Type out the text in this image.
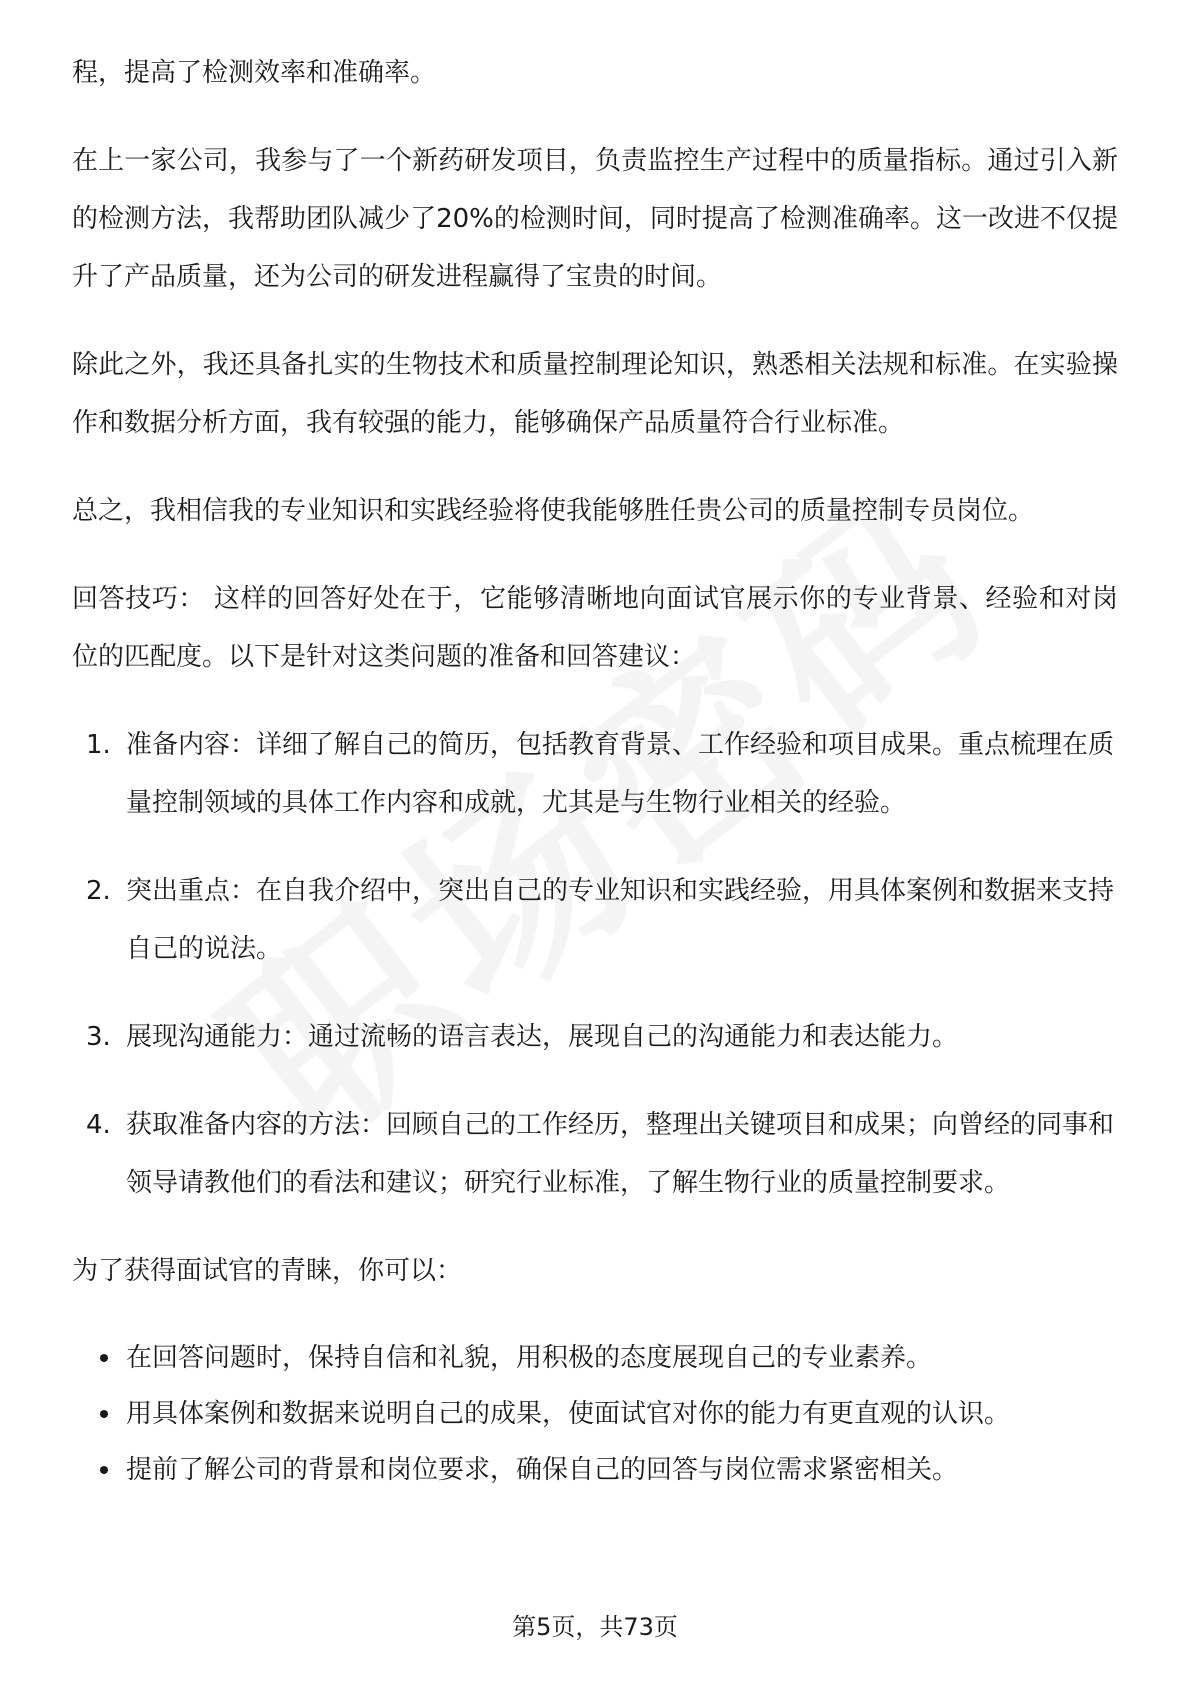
程，提高了检测效率和准确率。

在上一家公司，我参与了一个新药研发项目，负责监控生产过程中的质量指标。通过引入新的检测方法，我帮助团队减少了20%的检测时间，同时提高了检测准确率。这一改进不仅提升了产品质量，还为公司的研发进程赢得了宝贵的时间。

除此之外，我还具备扎实的生物技术和质量控制理论知识，熟悉相关法规和标准。在实验操作和数据分析方面，我有较强的能力，能够确保产品质量符合行业标准。

总之，我相信我的专业知识和实践经验将使我能够胜任贵公司的质量控制专员岗位。

回答技巧： 这样的回答好处在于，它能够清晰地向面试官展示你的专业背景、经验和对岗位的匹配度。以下是针对这类问题的准备和回答建议：

1. 准备内容：详细了解自己的简历，包括教育背景、工作经验和项目成果。重点梳理在质量控制领域的具体工作内容和成就，尤其是与生物行业相关的经验。
2. 突出重点：在自我介绍中，突出自己的专业知识和实践经验，用具体案例和数据来支持自己的说法。
3. 展现沟通能力：通过流畅的语言表达，展现自己的沟通能力和表达能力。
4. 获取准备内容的方法：回顾自己的工作经历，整理出关键项目和成果；向曾经的同事和领导请教他们的看法和建议；研究行业标准，了解生物行业的质量控制要求。

为了获得面试官的青睐，你可以：

在回答问题时，保持自信和礼貌，用积极的态度展现自己的专业素养。
用具体案例和数据来说明自己的成果，使面试官对你的能力有更直观的认识。
提前了解公司的背景和岗位要求，确保自己的回答与岗位需求紧密相关。
第5页，共73页
